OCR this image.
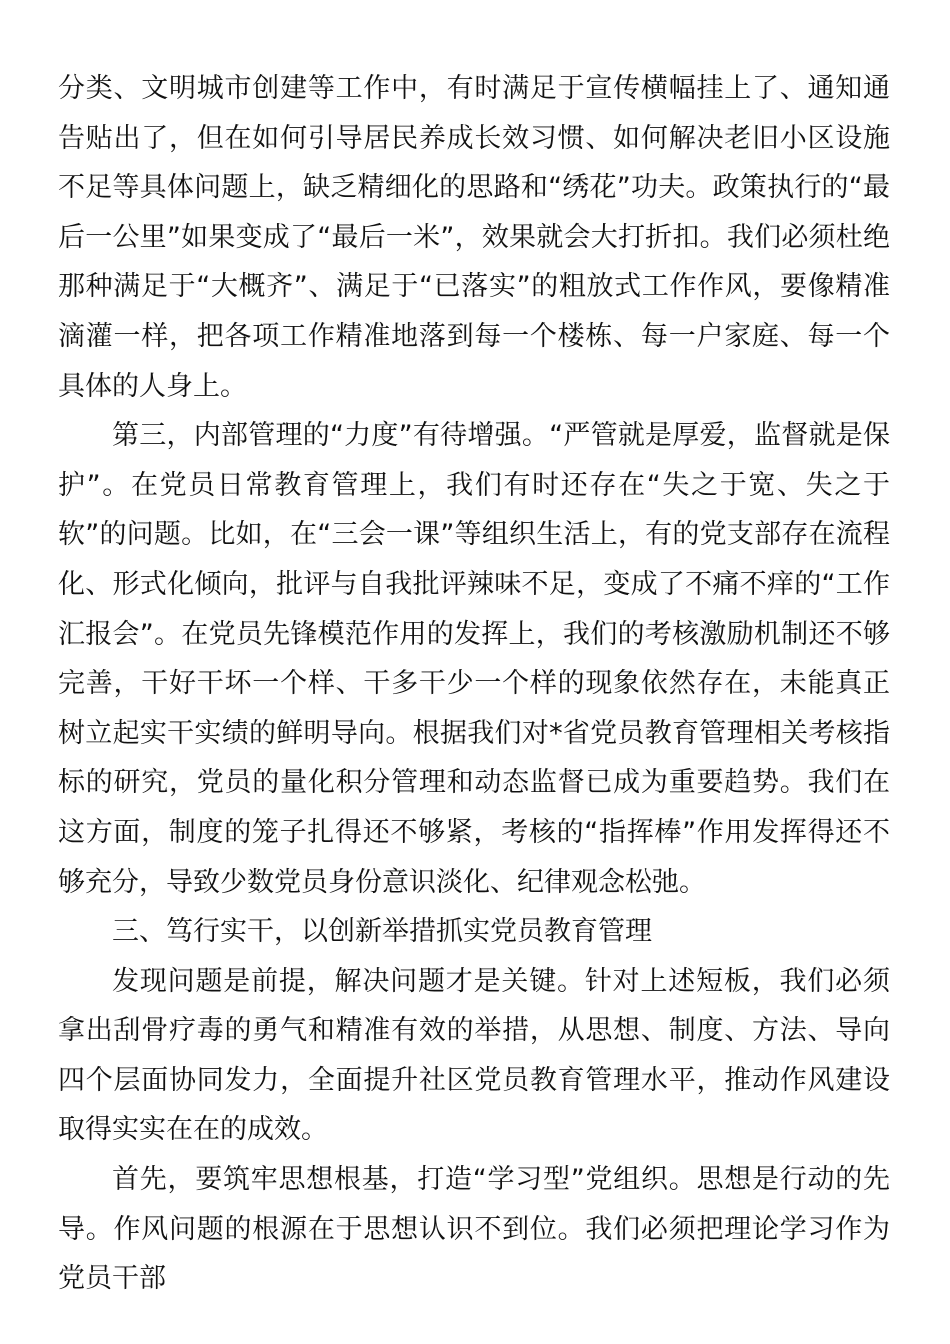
分类、文明城市创建等工作中，有时满足于宣传横幅挂上了、通知通告贴出了，但在如何引导居民养成长效习惯、如何解决老旧小区设施不足等具体问题上，缺乏精细化的思路和“绣花”功夫。政策执行的“最后一公里”如果变成了“最后一米”，效果就会大打折扣。我们必须杜绝那种满足于“大概齐”、满足于“已落实”的粗放式工作作风，要像精准滴灌一样，把各项工作精准地落到每一个楼栋、每一户家庭、每一个具体的人身上。

第三，内部管理的“力度”有待增强。“严管就是厚爱，监督就是保护”。在党员日常教育管理上，我们有时还存在“失之于宽、失之于软”的问题。比如，在“三会一课”等组织生活上，有的党支部存在流程化、形式化倾向，批评与自我批评辣味不足，变成了不痛不痒的“工作汇报会”。在党员先锋模范作用的发挥上，我们的考核激励机制还不够完善，干好干坏一个样、干多干少一个样的现象依然存在，未能真正树立起实干实绩的鲜明导向。根据我们对*省党员教育管理相关考核指标的研究，党员的量化积分管理和动态监督已成为重要趋势。我们在这方面，制度的笼子扎得还不够紧，考核的“指挥棒”作用发挥得还不够充分，导致少数党员身份意识淡化、纪律观念松弛。

三、笃行实干，以创新举措抓实党员教育管理

发现问题是前提，解决问题才是关键。针对上述短板，我们必须拿出刮骨疗毒的勇气和精准有效的举措，从思想、制度、方法、导向四个层面协同发力，全面提升社区党员教育管理水平，推动作风建设取得实实在在的成效。

首先，要筑牢思想根基，打造“学习型”党组织。思想是行动的先导。作风问题的根源在于思想认识不到位。我们必须把理论学习作为党员干部
